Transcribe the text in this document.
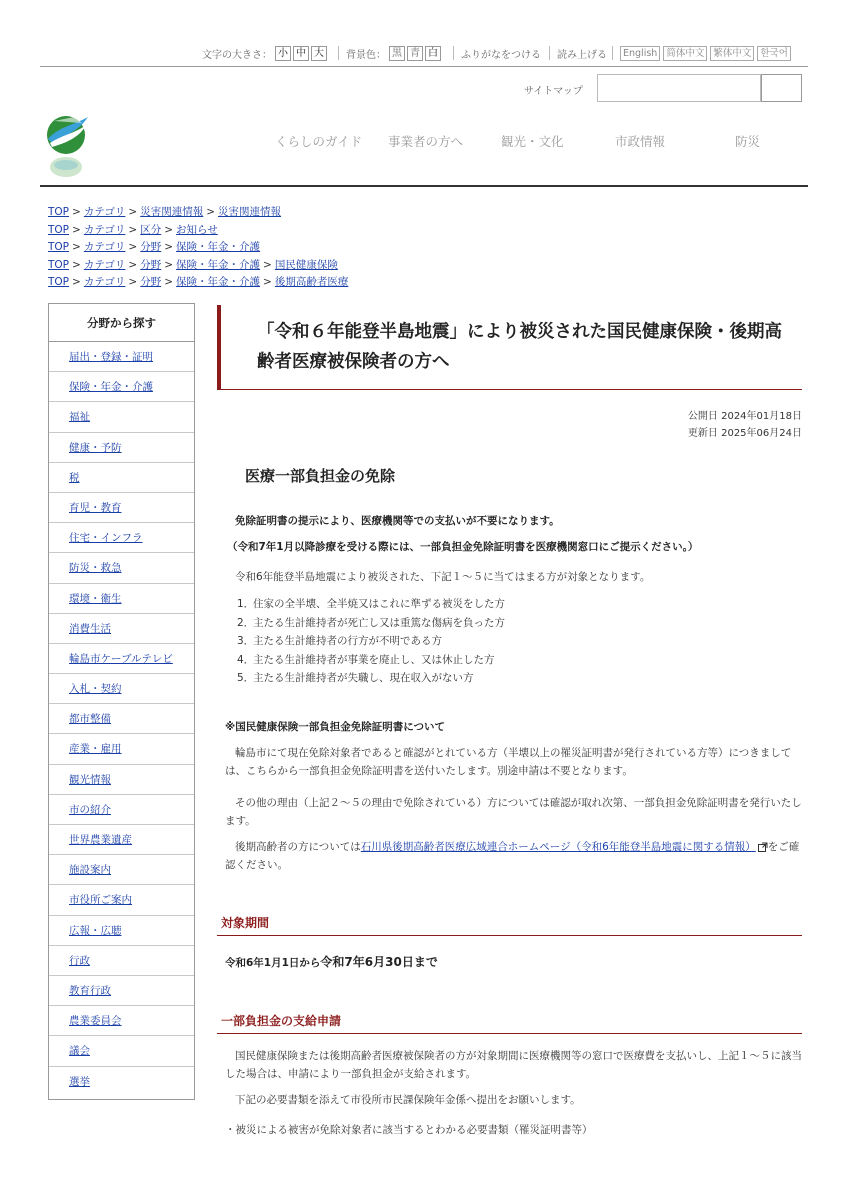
文字の大きさ： 小 中 大	背景色： 黒 青 白	ふりがなをつける 読み上げる	English 简体中文 繁体中文 한국어
サイトマップ
くらしのガイド 事業者の方へ	観光・文化	市政情報	防災
TOP > カテゴリ > 災害関連情報 > 災害関連情報
TOP > カテゴリ > 区分 > お知らせ
TOP > カテゴリ > 分野 > 保険・年金・介護
TOP > カテゴリ > 分野 > 保険・年金・介護 > 国民健康保険
TOP > カテゴリ > 分野 > 保険・年金・介護 > 後期高齢者医療
分野から探す
届出・登録・証明
保険・年金・介護
福祉
健康・予防
税
育児・教育
住宅・インフラ
防災・救急
環境・衛生
消費生活
輪島市ケーブルテレビ
入札・契約
都市整備
産業・雇用
観光情報
市の紹介
世界農業遺産
施設案内
市役所ご案内
広報・広聴
行政
教育行政
農業委員会
議会
選挙
「令和６年能登半島地震」により被災された国民健康保険・後期高齢者医療被保険者の方へ
公開日 2024年01月18日
更新日 2025年06月24日
医療一部負担金の免除

免除証明書の提示により、医療機関等での支払いが不要になります。

（令和7年1月以降診療を受ける際には、一部負担金免除証明書を医療機関窓口にご提示ください。）

令和6年能登半島地震により被災された、下記１～５に当てはまる方が対象となります。

1．住家の全半壊、全半焼又はこれに準ずる被災をした方
2．主たる生計維持者が死亡し又は重篤な傷病を負った方
3．主たる生計維持者の行方が不明である方
4．主たる生計維持者が事業を廃止し、又は休止した方
5．主たる生計維持者が失職し、現在収入がない方

※国民健康保険一部負担金免除証明書について

輪島市にて現在免除対象者であると確認がとれている方（半壊以上の罹災証明書が発行されている方等）につきましては、こちらから一部負担金免除証明書を送付いたします。別途申請は不要となります。

その他の理由（上記２～５の理由で免除されている）方については確認が取れ次第、一部負担金免除証明書を発行いたします。

後期高齢者の方については石川県後期高齢者医療広域連合ホームページ（令和6年能登半島地震に関する情報） をご確認ください。

対象期間
令和6年1月1日から令和7年6月30日まで
一部負担金の支給申請

国民健康保険または後期高齢者医療被保険者の方が対象期間に医療機関等の窓口で医療費を支払いし、上記１～５に該当した場合は、申請により一部負担金が支給されます。

下記の必要書類を添えて市役所市民課保険年金係へ提出をお願いします。

・被災による被害が免除対象者に該当するとわかる必要書類（罹災証明書等）
